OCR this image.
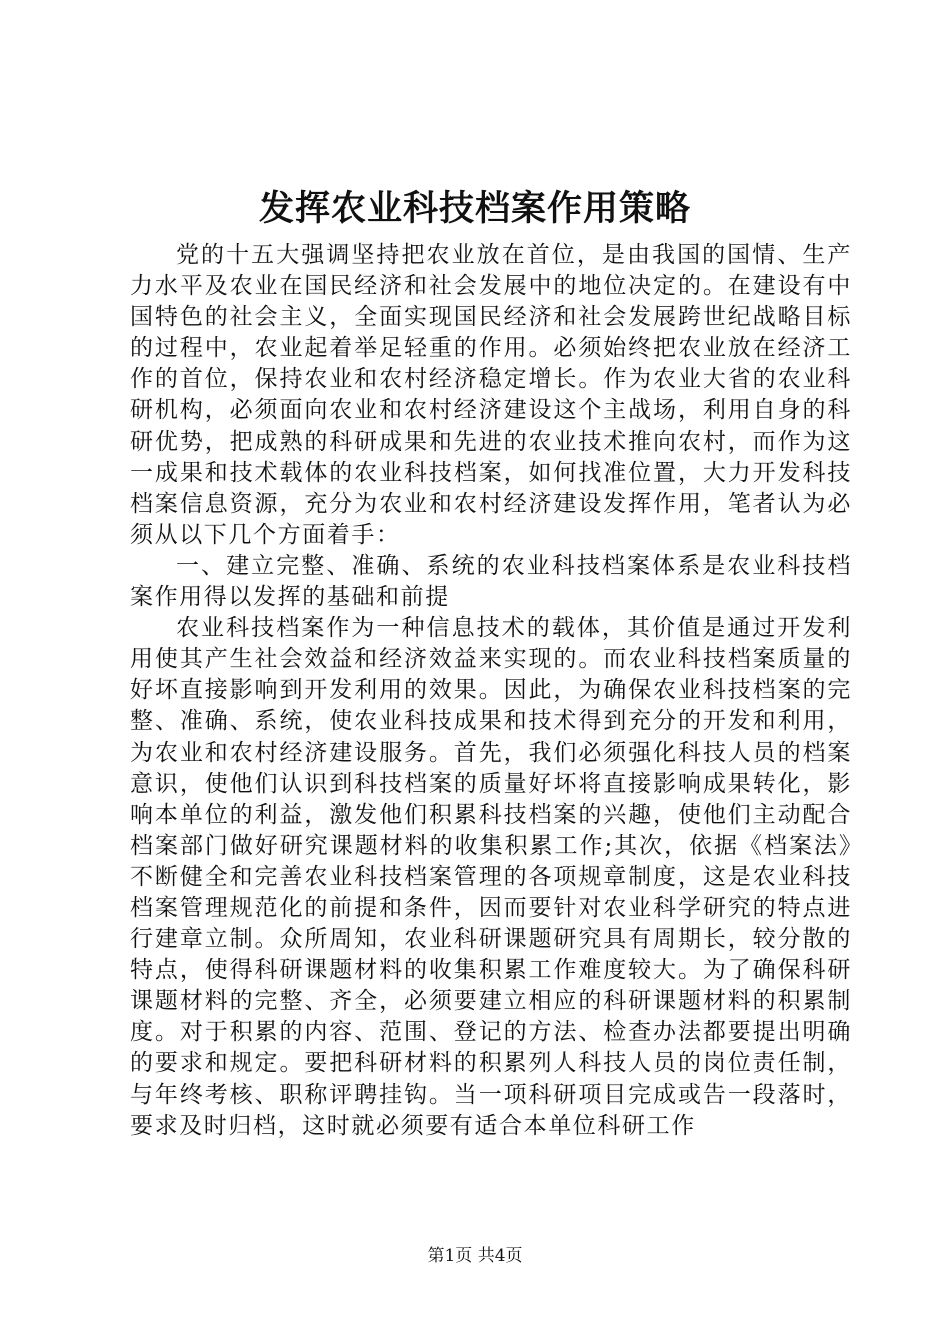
发挥农业科技档案作用策略

党的十五大强调坚持把农业放在首位，是由我国的国情、生产力水平及农业在国民经济和社会发展中的地位决定的。在建设有中国特色的社会主义，全面实现国民经济和社会发展跨世纪战略目标的过程中，农业起着举足轻重的作用。必须始终把农业放在经济工作的首位，保持农业和农村经济稳定增长。作为农业大省的农业科研机构，必须面向农业和农村经济建设这个主战场，利用自身的科研优势，把成熟的科研成果和先进的农业技术推向农村，而作为这一成果和技术载体的农业科技档案，如何找准位置，大力开发科技档案信息资源，充分为农业和农村经济建设发挥作用，笔者认为必须从以下几个方面着手：

一、建立完整、准确、系统的农业科技档案体系是农业科技档案作用得以发挥的基础和前提

农业科技档案作为一种信息技术的载体，其价值是通过开发利用使其产生社会效益和经济效益来实现的。而农业科技档案质量的好坏直接影响到开发利用的效果。因此，为确保农业科技档案的完整、准确、系统，使农业科技成果和技术得到充分的开发和利用，为农业和农村经济建设服务。首先，我们必须强化科技人员的档案意识，使他们认识到科技档案的质量好坏将直接影响成果转化，影响本单位的利益，激发他们积累科技档案的兴趣，使他们主动配合档案部门做好研究课题材料的收集积累工作;其次，依据《档案法》不断健全和完善农业科技档案管理的各项规章制度，这是农业科技档案管理规范化的前提和条件，因而要针对农业科学研究的特点进行建章立制。众所周知，农业科研课题研究具有周期长，较分散的特点，使得科研课题材料的收集积累工作难度较大。为了确保科研课题材料的完整、齐全，必须要建立相应的科研课题材料的积累制度。对于积累的内容、范围、登记的方法、检查办法都要提出明确的要求和规定。要把科研材料的积累列人科技人员的岗位责任制，与年终考核、职称评聘挂钩。当一项科研项目完成或告一段落时，要求及时归档，这时就必须要有适合本单位科研工作

第1页 共4页
